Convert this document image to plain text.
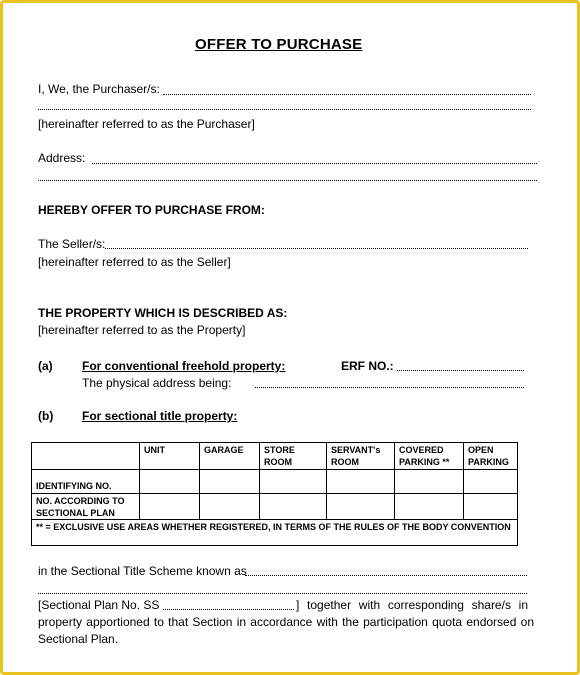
OFFER TO PURCHASE
I, We, the Purchaser/s:
[hereinafter referred to as the Purchaser]
Address:
HEREBY OFFER TO PURCHASE FROM:
The Seller/s:
[hereinafter referred to as the Seller]
THE PROPERTY WHICH IS DESCRIBED AS:
[hereinafter referred to as the Property]
(a) For conventional freehold property:	ERF NO.:
The physical address being:
(b) For sectional title property:
	UNIT	GARAGE	STORE ROOM	SERVANT's ROOM	COVERED PARKING **	OPEN PARKING
IDENTIFYING NO.						
NO. ACCORDING TO SECTIONAL PLAN						
** = EXCLUSIVE USE AREAS WHETHER REGISTERED, IN TERMS OF THE RULES OF THE BODY CONVENTION						
in the Sectional Title Scheme known as
[Sectional Plan No. SS	] together with corresponding share/s in
property apportioned to that Section in accordance with the participation quota endorsed on Sectional Plan.
